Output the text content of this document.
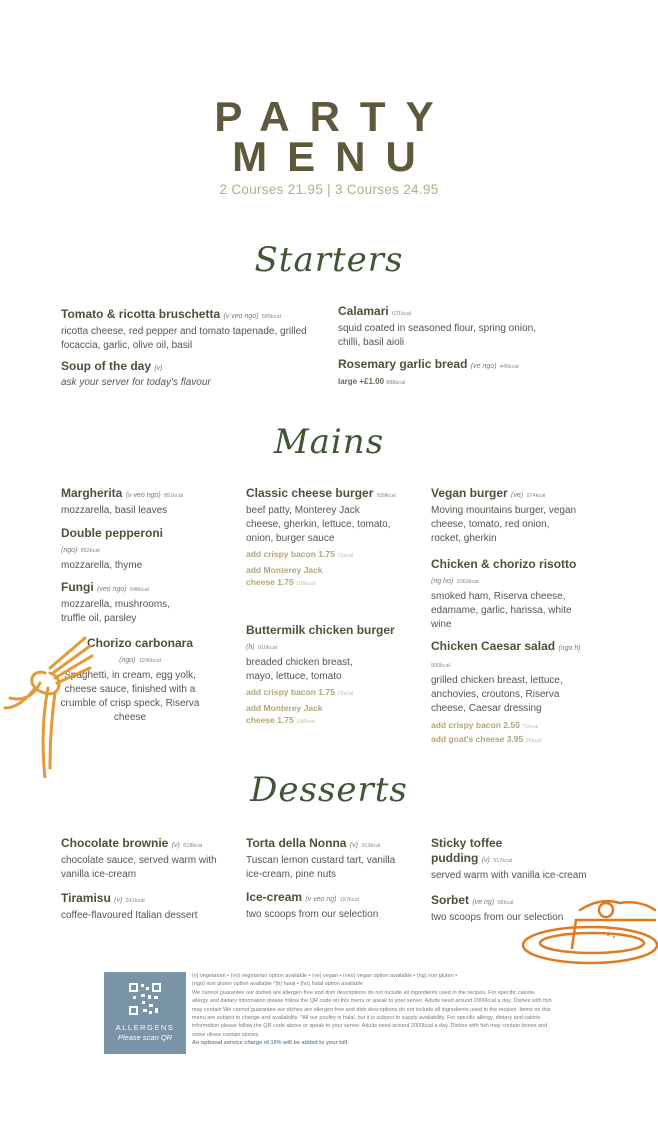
PARTY
MENU
2 Courses 21.95 | 3 Courses 24.95
Starters
Mains
Desserts
Tomato & ricotta bruschetta (v veo ngo) 585kcal
ricotta cheese, red pepper and tomato tapenade, grilled focaccia, garlic, olive oil, basil
Soup of the day (v)
ask your server for today's flavour
Calamari 621kcal
squid coated in seasoned flour, spring onion, chilli, basil aioli
Rosemary garlic bread (ve ngo) 445kcal
large +£1.00 888kcal
Margherita (v veo ngo) 851kcal
mozzarella, basil leaves
Double pepperoni (ngo) 852kcal
mozzarella, thyme
Fungi (veo ngo) 946kcal
mozzarella, mushrooms, truffle oil, parsley
Chorizo carbonara (ngo) 1296kcal
Spaghetti, in cream, egg yolk, cheese sauce, finished with a crumble of crisp speck, Riserva cheese
Classic cheese burger 939kcal
beef patty, Monterey Jack cheese, gherkin, lettuce, tomato, onion, burger sauce
add crispy bacon 1.75 71kcal
add Monterey Jack cheese 1.75 106kcal
Buttermilk chicken burger (h) 916kcal
breaded chicken breast, mayo, lettuce, tomato
add crispy bacon 1.75 71kcal
add Monterey Jack cheese 1.75 106kcal
Vegan burger (ve) 974kcal
Moving mountains burger, vegan cheese, tomato, red onion, rocket, gherkin
Chicken & chorizo risotto (ng ho) 1062kcal
smoked ham, Riserva cheese, edamame, garlic, harissa, white wine
Chicken Caesar salad (ngo h) 995kcal
grilled chicken breast, lettuce, anchovies, croutons, Riserva cheese, Caesar dressing
add crispy bacon 2.50 71kcal
add goat's cheese 3.95 36kcal
Chocolate brownie (v) 618kcal
chocolate sauce, served warm with vanilla ice-cream
Tiramisu (v) 341kcal
coffee-flavoured Italian dessert
Torta della Nonna (v) 313kcal
Tuscan lemon custard tart, vanilla ice-cream, pine nuts
Ice-cream (v veo ng) 157kcal
two scoops from our selection
Sticky toffee pudding (v) 517kcal
served warm with vanilla ice-cream
Sorbet (ve ng) 58kcal
two scoops from our selection
ALLERGENS
Please scan QR
(v) vegetarian • (vo) vegetarian option available • (ve) vegan • (veo) vegan option available • (ng) non gluten •
(ngo) non gluten option available *(h) halal • (ho) halal option available
We cannot guarantee our dishes are allergen free and dish descriptions do not include all ingredients used in the recipes. For specific calorie, allergy and dietary information please follow the QR code on this menu or speak to your server. Adults need around 2000kcal a day. Dishes with fish may contain We cannot guarantee our dishes are allergen free and dish descriptions do not include all ingredients used in the recipes. Items on this menu are subject to change and availability. *All our poultry is halal, but it is subject to supply availability. For specific allergy, dietary and calorie information please follow the QR code above or speak to your server. Adults need around 2000kcal a day. Dishes with fish may contain bones and some olives contain stones.
An optional service charge of 10% will be added to your bill.
